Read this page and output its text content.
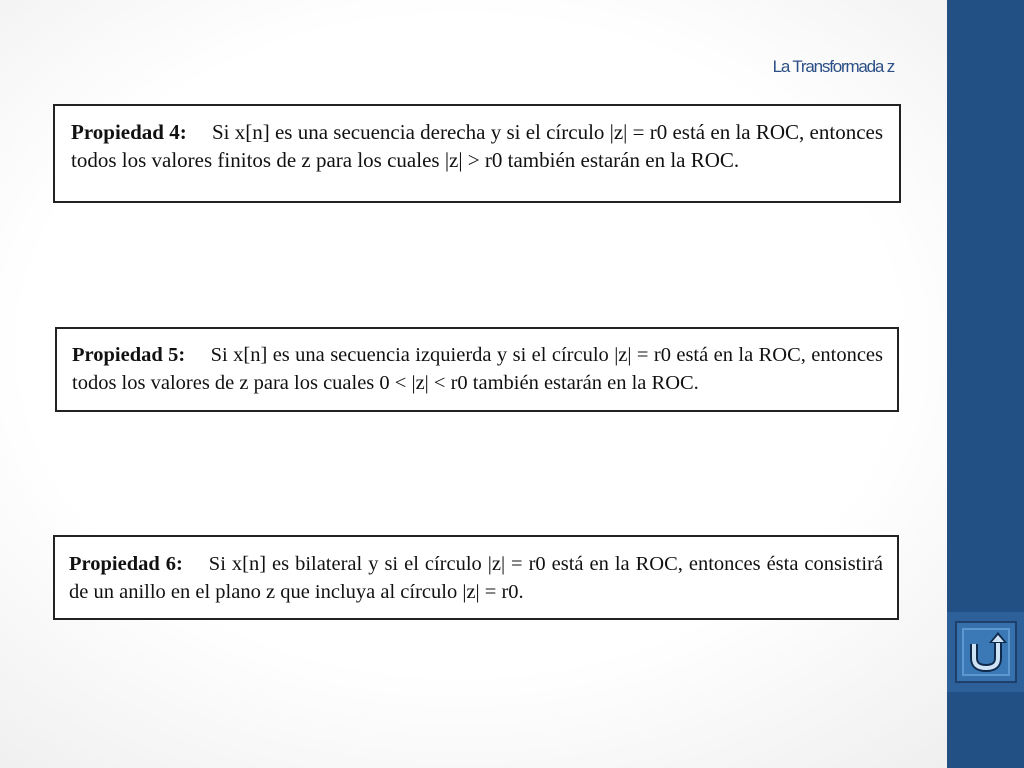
La Transformada z

Propiedad 4: Si x[n] es una secuencia derecha y si el círculo |z| = r0 está en la ROC, entonces todos los valores finitos de z para los cuales |z| > r0 también estarán en la ROC.

Propiedad 5: Si x[n] es una secuencia izquierda y si el círculo |z| = r0 está en la ROC, entonces todos los valores de z para los cuales 0 < |z| < r0 también estarán en la ROC.

Propiedad 6: Si x[n] es bilateral y si el círculo |z| = r0 está en la ROC, entonces ésta consistirá de un anillo en el plano z que incluya al círculo |z| = r0.
